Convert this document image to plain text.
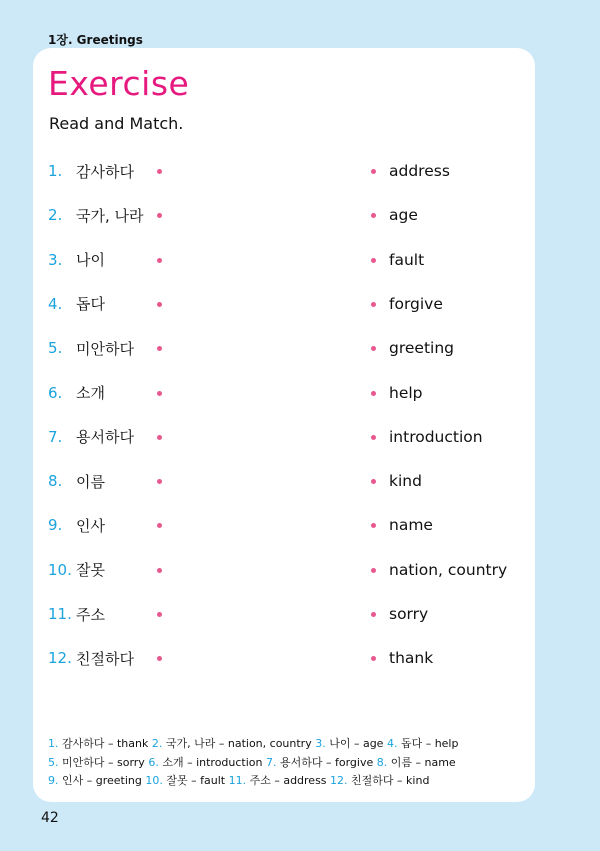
1장. Greetings
Exercise
Read and Match.
1. 감사하다
2. 국가, 나라
3. 나이
4. 돕다
5. 미안하다
6. 소개
7. 용서하다
8. 이름
9. 인사
10. 잘못
11. 주소
12. 친절하다
address
age
fault
forgive
greeting
help
introduction
kind
name
nation, country
sorry
thank
1. 감사하다 – thank 2. 국가, 나라 – nation, country 3. 나이 – age 4. 돕다 – help
5. 미안하다 – sorry 6. 소개 – introduction 7. 용서하다 – forgive 8. 이름 – name
9. 인사 – greeting 10. 잘못 – fault 11. 주소 – address 12. 친절하다 – kind
42
